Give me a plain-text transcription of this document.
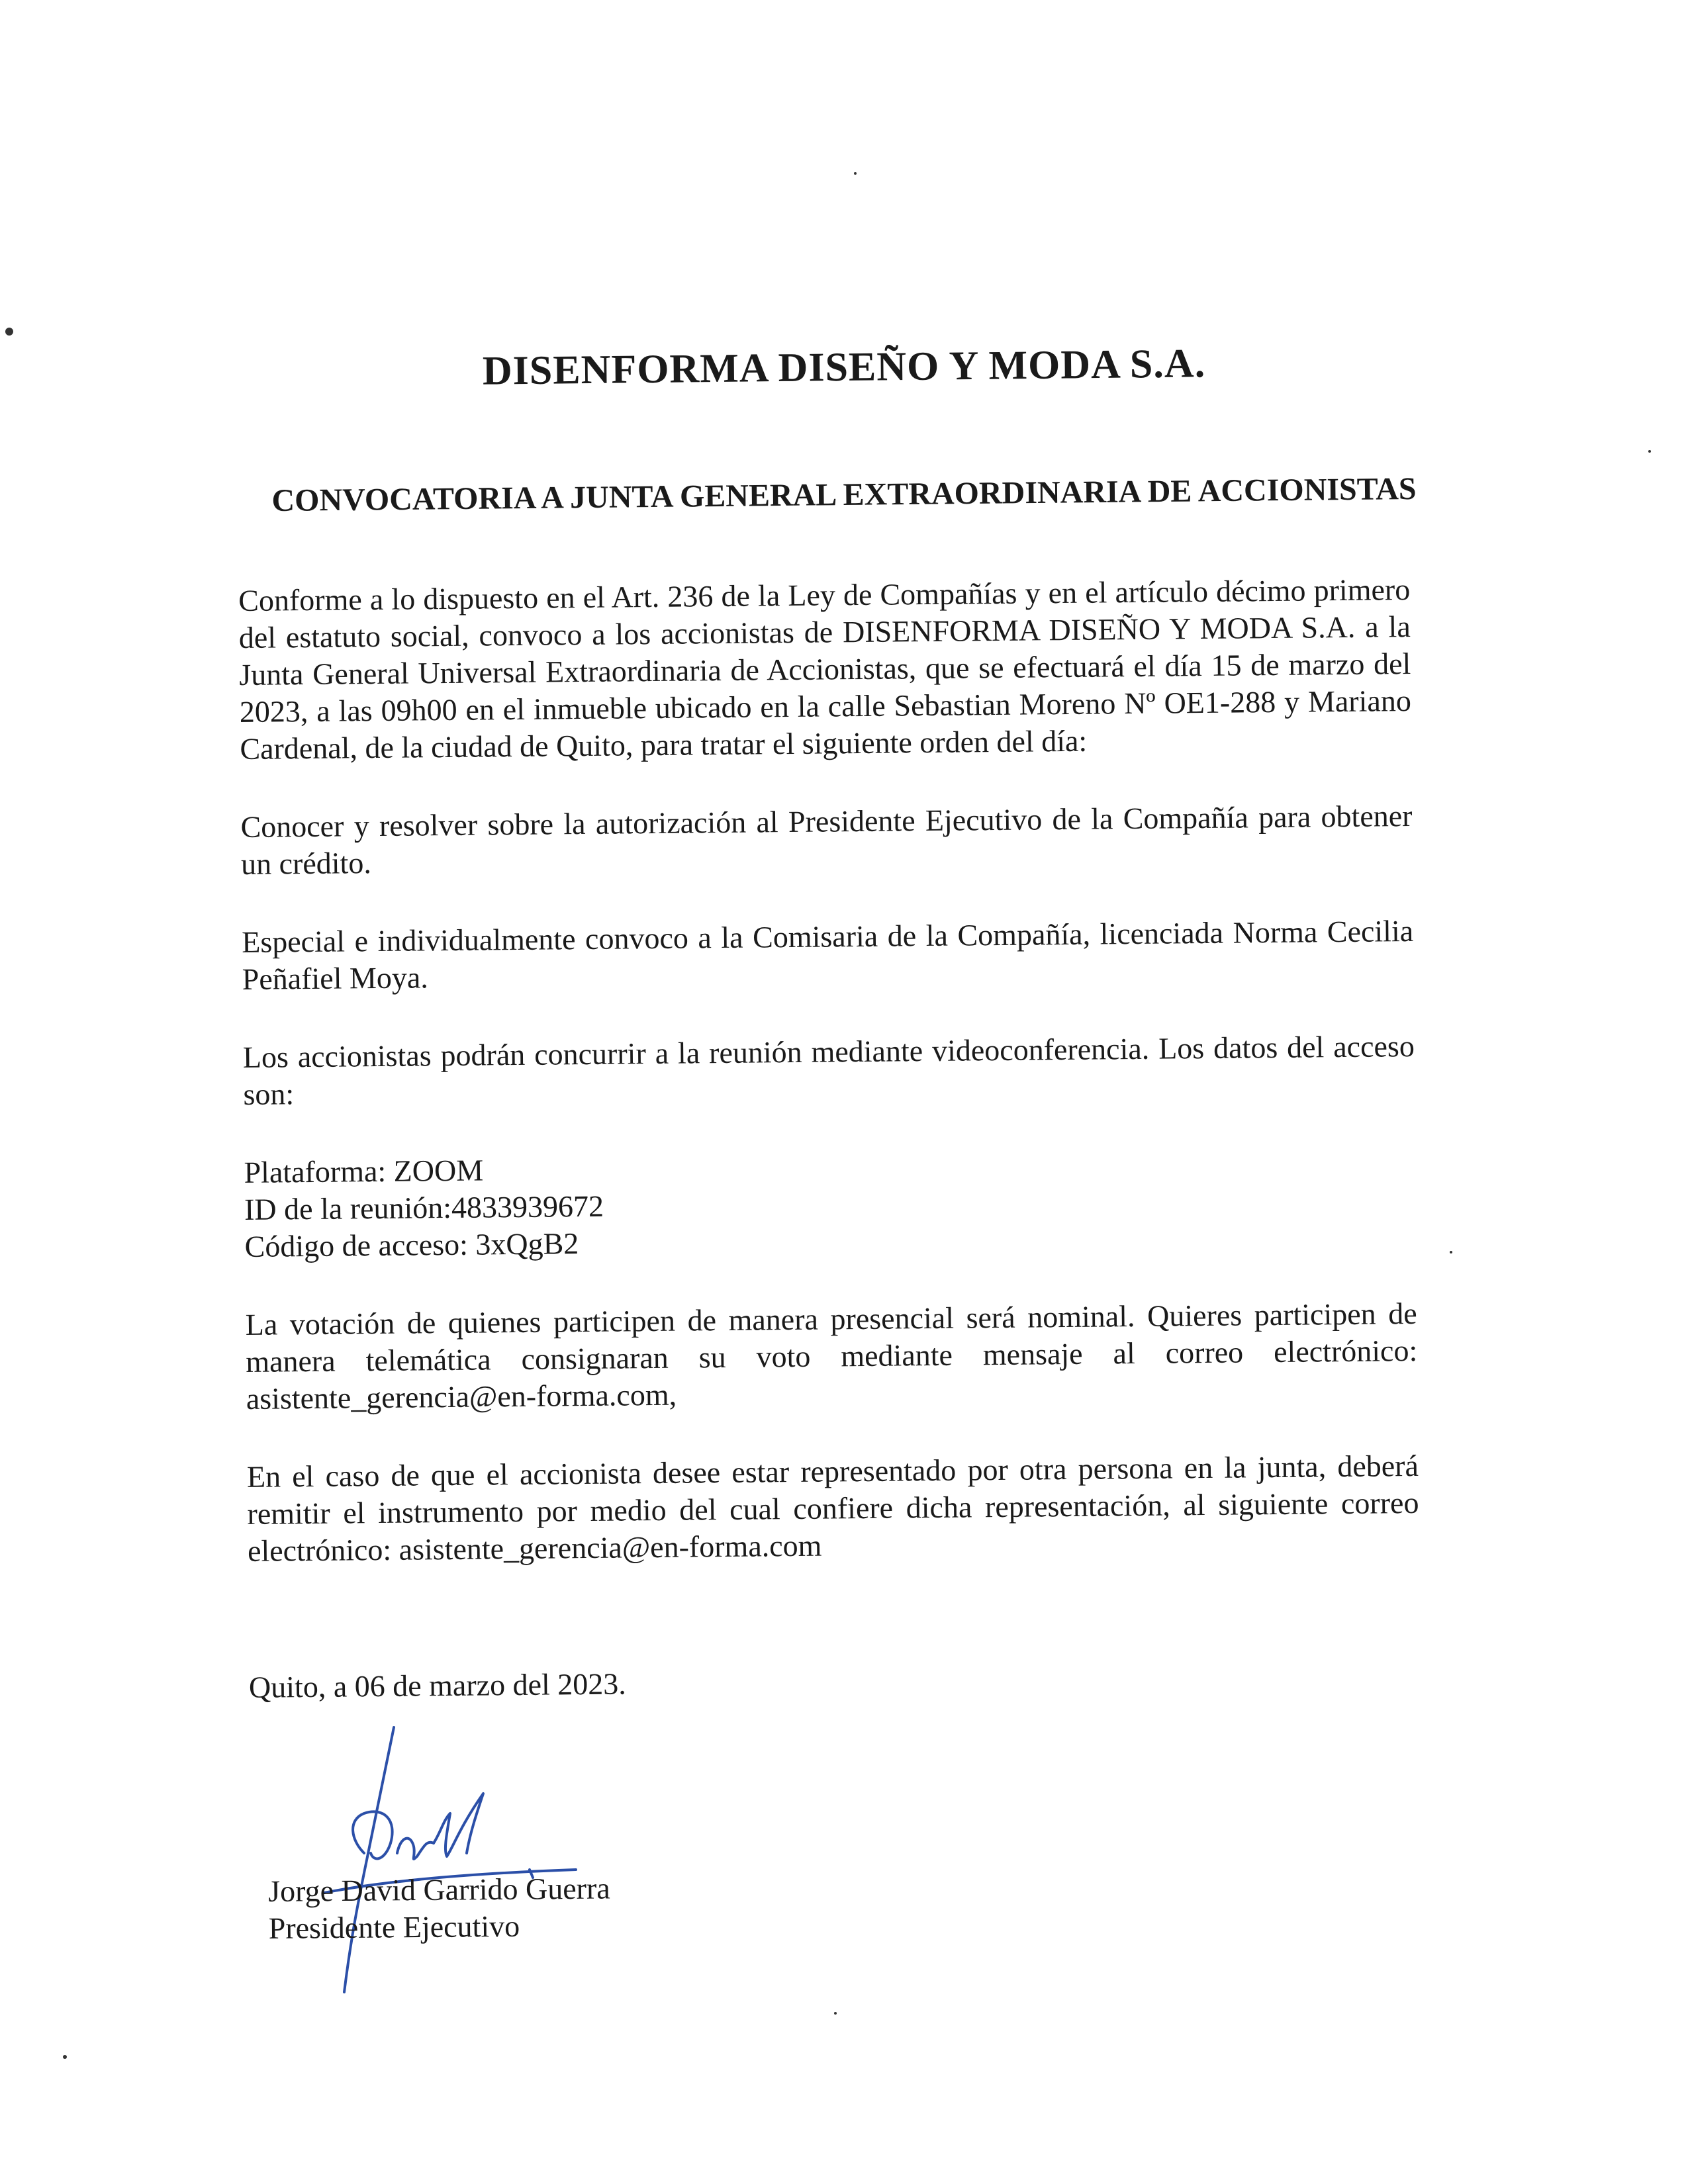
DISENFORMA DISEÑO Y MODA S.A.
CONVOCATORIA A JUNTA GENERAL EXTRAORDINARIA DE ACCIONISTAS

Conforme a lo dispuesto en el Art. 236 de la Ley de Compañías y en el artículo décimo primero del estatuto social, convoco a los accionistas de DISENFORMA DISEÑO Y MODA S.A. a la Junta General Universal Extraordinaria de Accionistas, que se efectuará el día 15 de marzo del 2023, a las 09h00 en el inmueble ubicado en la calle Sebastian Moreno Nº OE1-288 y Mariano Cardenal, de la ciudad de Quito, para tratar el siguiente orden del día:

Conocer y resolver sobre la autorización al Presidente Ejecutivo de la Compañía para obtener un crédito.

Especial e individualmente convoco a la Comisaria de la Compañía, licenciada Norma Cecilia Peñafiel Moya.

Los accionistas podrán concurrir a la reunión mediante videoconferencia. Los datos del acceso son:

Plataforma: ZOOM
ID de la reunión:4833939672
Código de acceso: 3xQgB2

La votación de quienes participen de manera presencial será nominal. Quieres participen de manera telemática consignaran su voto mediante mensaje al correo electrónico: asistente_gerencia@en-forma.com,

En el caso de que el accionista desee estar representado por otra persona en la junta, deberá remitir el instrumento por medio del cual confiere dicha representación, al siguiente correo electrónico: asistente_gerencia@en-forma.com

Quito, a 06 de marzo del 2023.

Jorge David Garrido Guerra
Presidente Ejecutivo
